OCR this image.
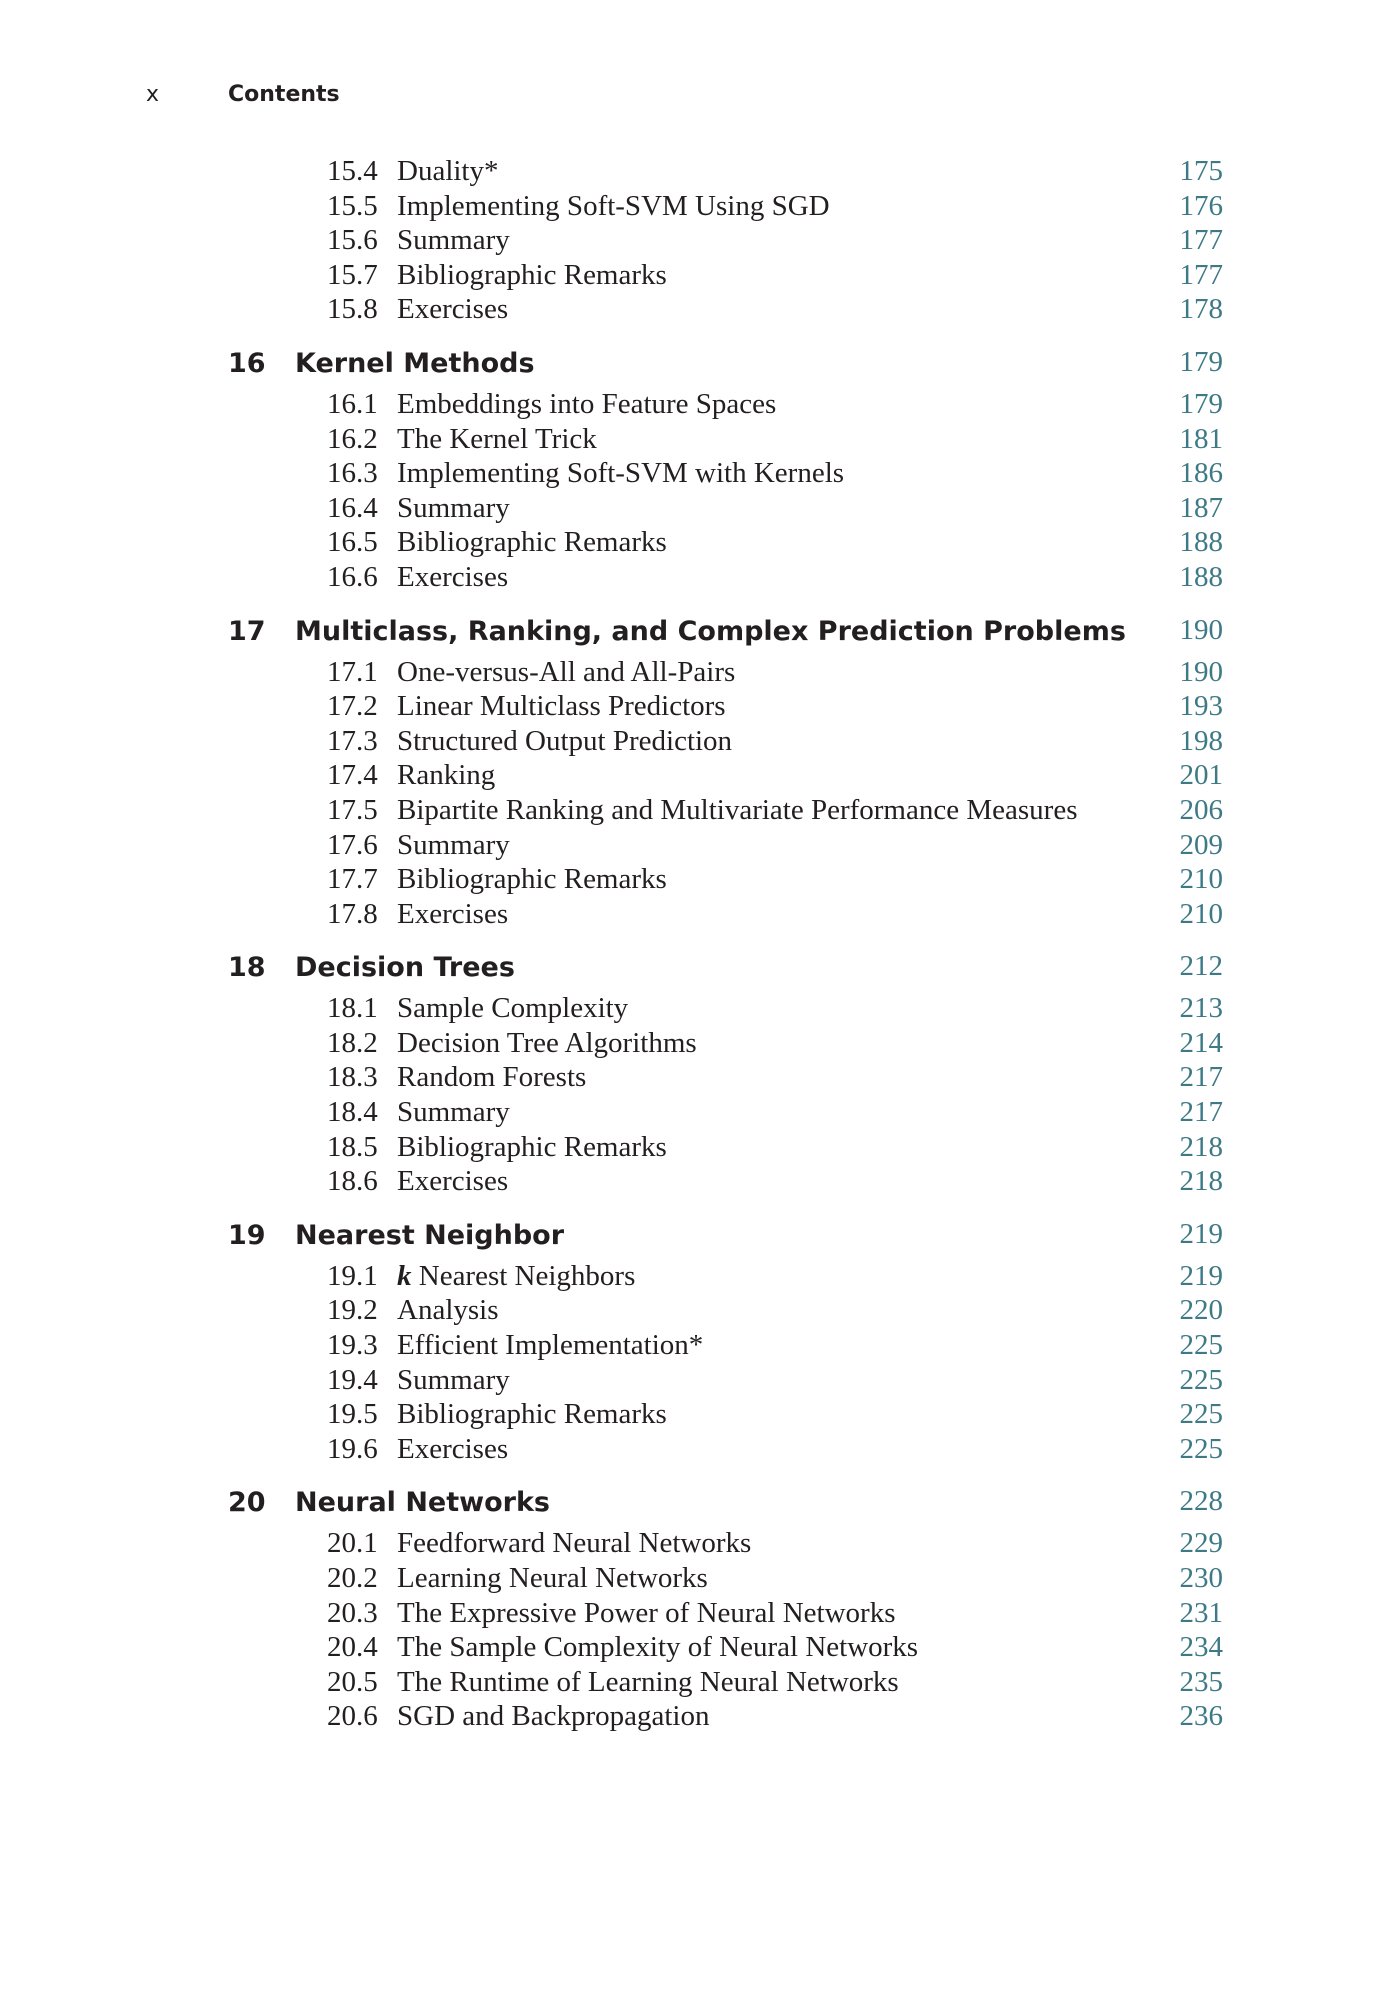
x	Contents
15.4 Duality*	175
15.5 Implementing Soft-SVM Using SGD	176
15.6 Summary	177
15.7 Bibliographic Remarks	177
15.8 Exercises	178
16 Kernel Methods	179
16.1 Embeddings into Feature Spaces	179
16.2 The Kernel Trick	181
16.3 Implementing Soft-SVM with Kernels	186
16.4 Summary	187
16.5 Bibliographic Remarks	188
16.6 Exercises	188
17 Multiclass, Ranking, and Complex Prediction Problems 190
17.1 One-versus-All and All-Pairs	190
17.2 Linear Multiclass Predictors	193
17.3 Structured Output Prediction	198
17.4 Ranking	201
17.5 Bipartite Ranking and Multivariate Performance Measures	206
17.6 Summary	209
17.7 Bibliographic Remarks	210
17.8 Exercises	210
18 Decision Trees	212
18.1 Sample Complexity	213
18.2 Decision Tree Algorithms	214
18.3 Random Forests	217
18.4 Summary	217
18.5 Bibliographic Remarks	218
18.6 Exercises	218
19 Nearest Neighbor	219
19.1 k Nearest Neighbors	219
19.2 Analysis	220
19.3 Efficient Implementation*	225
19.4 Summary	225
19.5 Bibliographic Remarks	225
19.6 Exercises	225
20 Neural Networks	228
20.1 Feedforward Neural Networks	229
20.2 Learning Neural Networks	230
20.3 The Expressive Power of Neural Networks	231
20.4 The Sample Complexity of Neural Networks	234
20.5 The Runtime of Learning Neural Networks	235
20.6 SGD and Backpropagation	236
